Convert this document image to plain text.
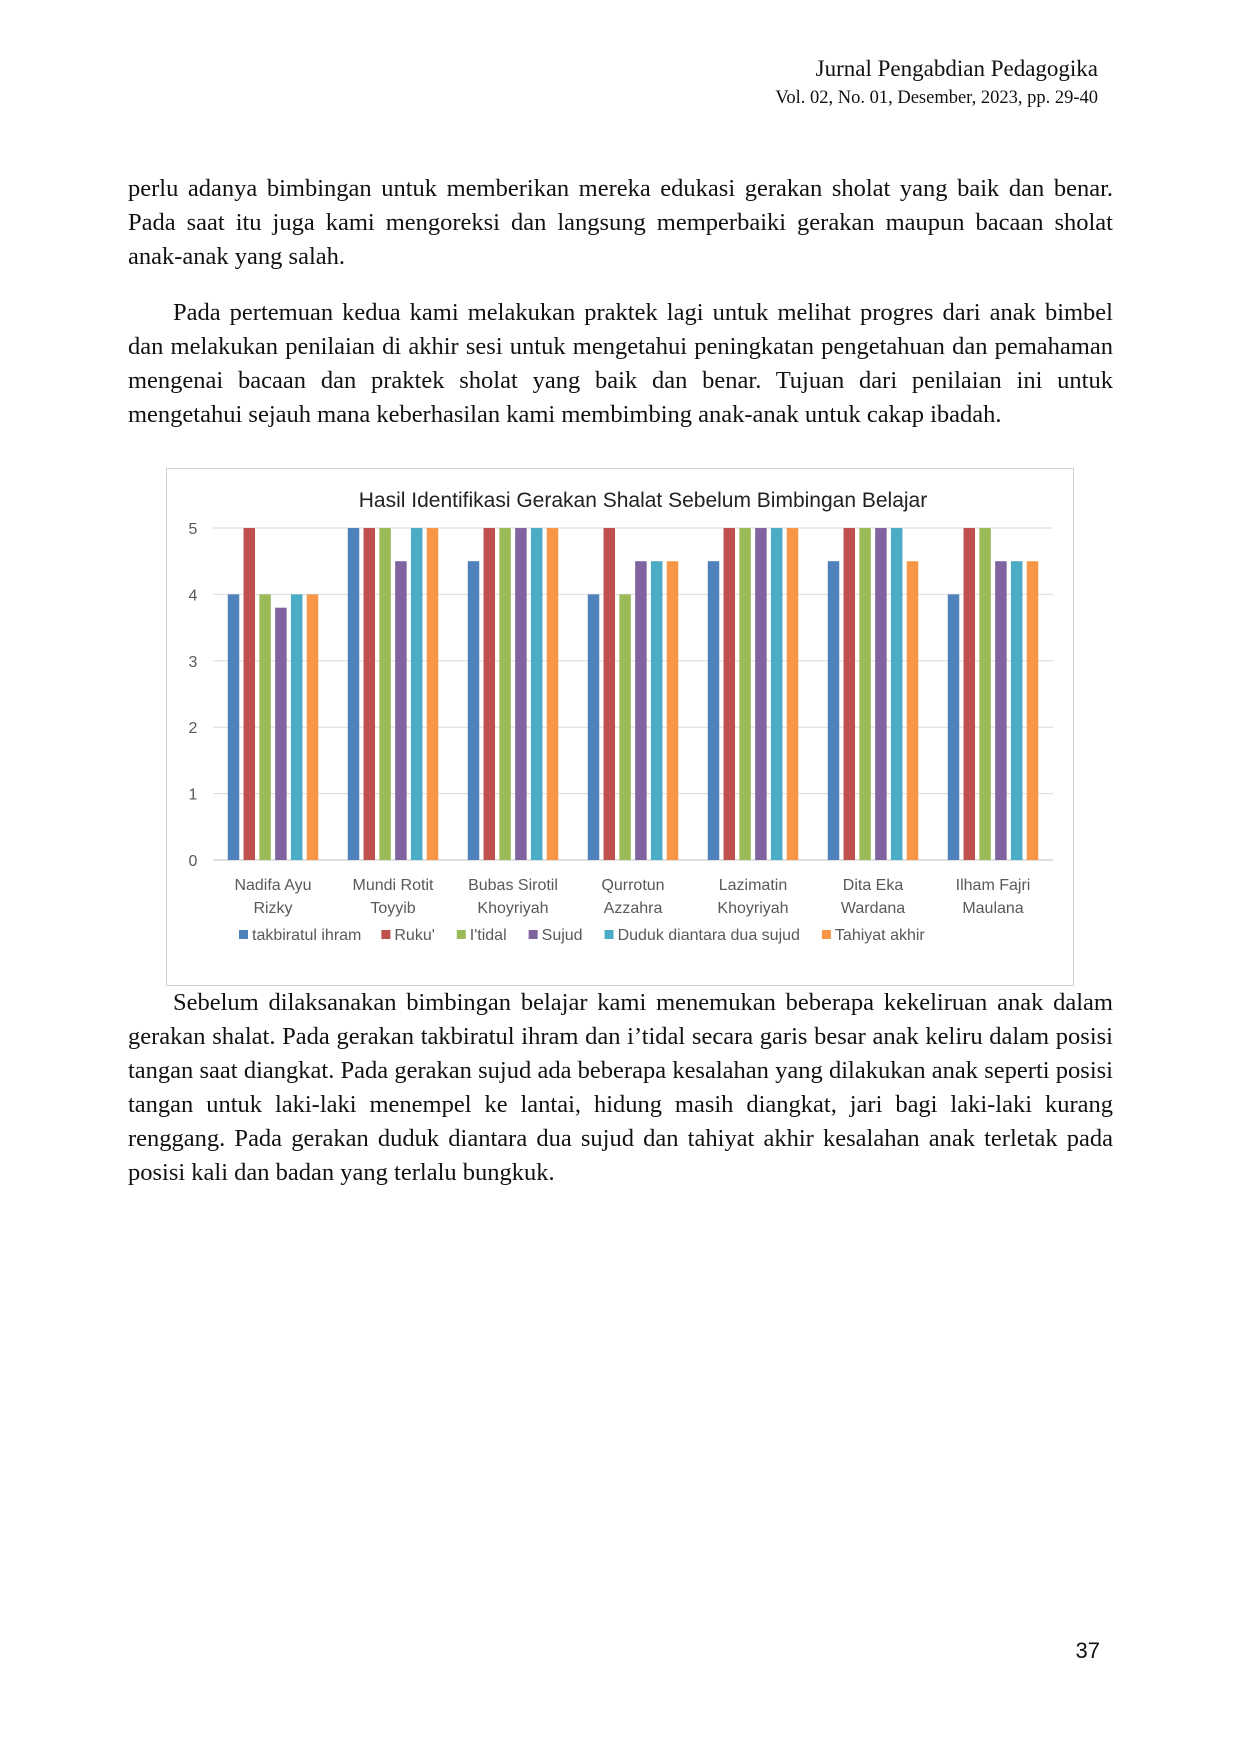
Jurnal Pengabdian Pedagogika
Vol. 02, No. 01, Desember, 2023, pp. 29-40

perlu adanya bimbingan untuk memberikan mereka edukasi gerakan sholat yang baik dan benar. Pada saat itu juga kami mengoreksi dan langsung memperbaiki gerakan maupun bacaan sholat anak-anak yang salah.

Pada pertemuan kedua kami melakukan praktek lagi untuk melihat progres dari anak bimbel dan melakukan penilaian di akhir sesi untuk mengetahui peningkatan pengetahuan dan pemahaman mengenai bacaan dan praktek sholat yang baik dan benar. Tujuan dari penilaian ini untuk mengetahui sejauh mana keberhasilan kami membimbing anak-anak untuk cakap ibadah.

Hasil Identifikasi Gerakan Shalat Sebelum Bimbingan Belajar
0
1
2
3
4
5
Nadifa Ayu
Rizky
Mundi Rotit
Toyyib
Bubas Sirotil
Khoyriyah
Qurrotun
Azzahra
Lazimatin
Khoyriyah
Dita Eka
Wardana
Ilham Fajri
Maulana
takbiratul ihram Ruku' I'tidal Sujud Duduk diantara dua sujud Tahiyat akhir

Sebelum dilaksanakan bimbingan belajar kami menemukan beberapa kekeliruan anak dalam gerakan shalat. Pada gerakan takbiratul ihram dan i’tidal secara garis besar anak keliru dalam posisi tangan saat diangkat. Pada gerakan sujud ada beberapa kesalahan yang dilakukan anak seperti posisi tangan untuk laki-laki menempel ke lantai, hidung masih diangkat, jari bagi laki-laki kurang renggang. Pada gerakan duduk diantara dua sujud dan tahiyat akhir kesalahan anak terletak pada posisi kali dan badan yang terlalu bungkuk.

37
